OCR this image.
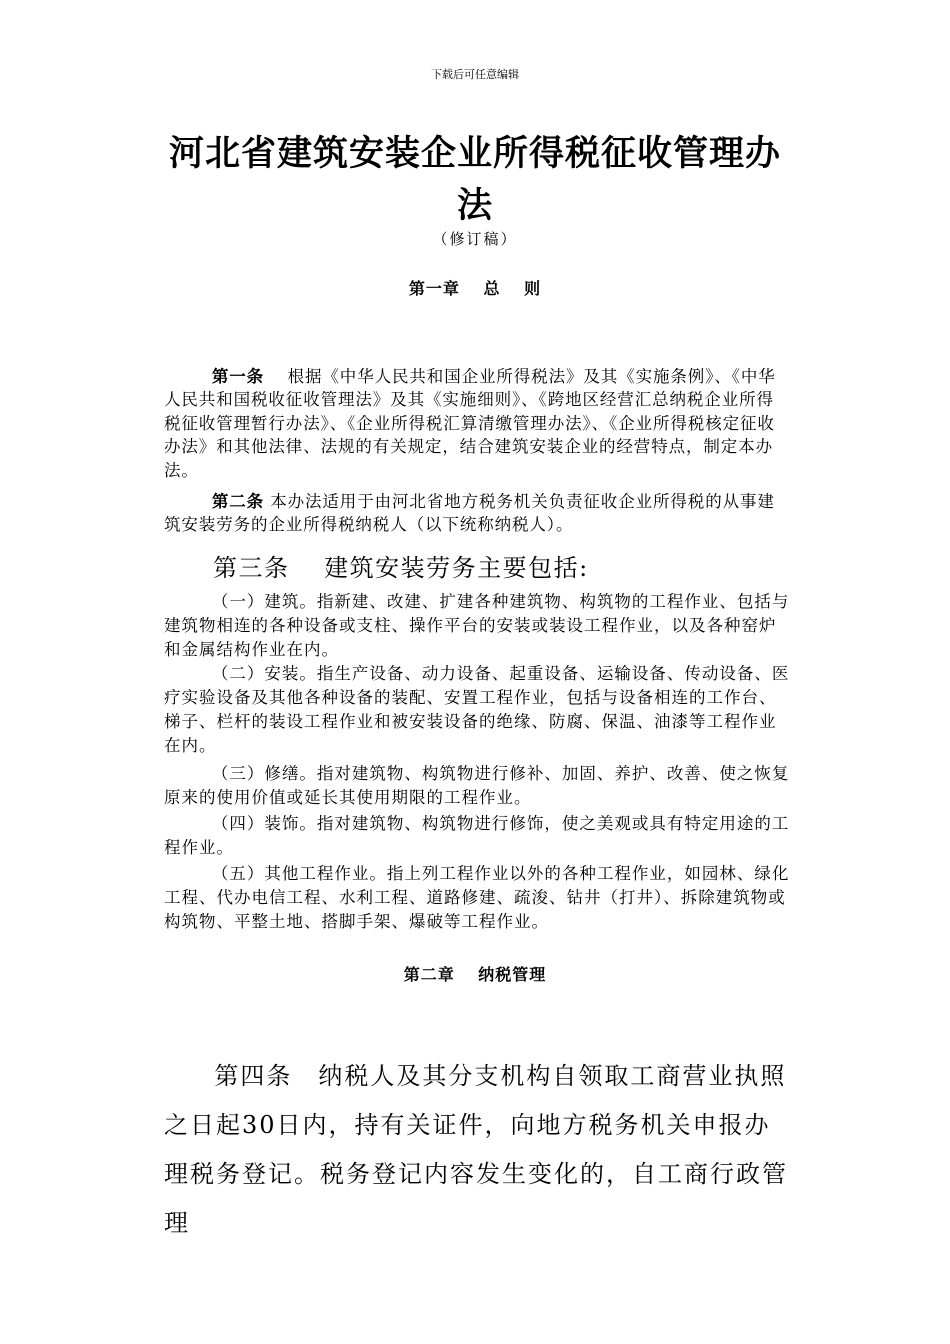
下载后可任意编辑
河北省建筑安装企业所得税征收管理办法
（修订稿）
第一章　 总　 则

第一条　 根据《中华人民共和国企业所得税法》及其《实施条例》、《中华人民共和国税收征收管理法》及其《实施细则》、《跨地区经营汇总纳税企业所得税征收管理暂行办法》、《企业所得税汇算清缴管理办法》、《企业所得税核定征收办法》和其他法律、法规的有关规定，结合建筑安装企业的经营特点，制定本办法。

第二条 本办法适用于由河北省地方税务机关负责征收企业所得税的从事建筑安装劳务的企业所得税纳税人（以下统称纳税人）。

第三条　 建筑安装劳务主要包括:

（一）建筑。指新建、改建、扩建各种建筑物、构筑物的工程作业、包括与建筑物相连的各种设备或支柱、操作平台的安装或装设工程作业，以及各种窑炉和金属结构作业在内。

（二）安装。指生产设备、动力设备、起重设备、运输设备、传动设备、医疗实验设备及其他各种设备的装配、安置工程作业，包括与设备相连的工作台、梯子、栏杆的装设工程作业和被安装设备的绝缘、防腐、保温、油漆等工程作业在内。

（三）修缮。指对建筑物、构筑物进行修补、加固、养护、改善、使之恢复原来的使用价值或延长其使用期限的工程作业。

（四）装饰。指对建筑物、构筑物进行修饰，使之美观或具有特定用途的工程作业。

（五）其他工程作业。指上列工程作业以外的各种工程作业，如园林、绿化工程、代办电信工程、水利工程、道路修建、疏浚、钻井（打井）、拆除建筑物或构筑物、平整土地、搭脚手架、爆破等工程作业。

第二章　 纳税管理

第四条　纳税人及其分支机构自领取工商营业执照之日起30日内，持有关证件，向地方税务机关申报办理税务登记。税务登记内容发生变化的，自工商行政管理
